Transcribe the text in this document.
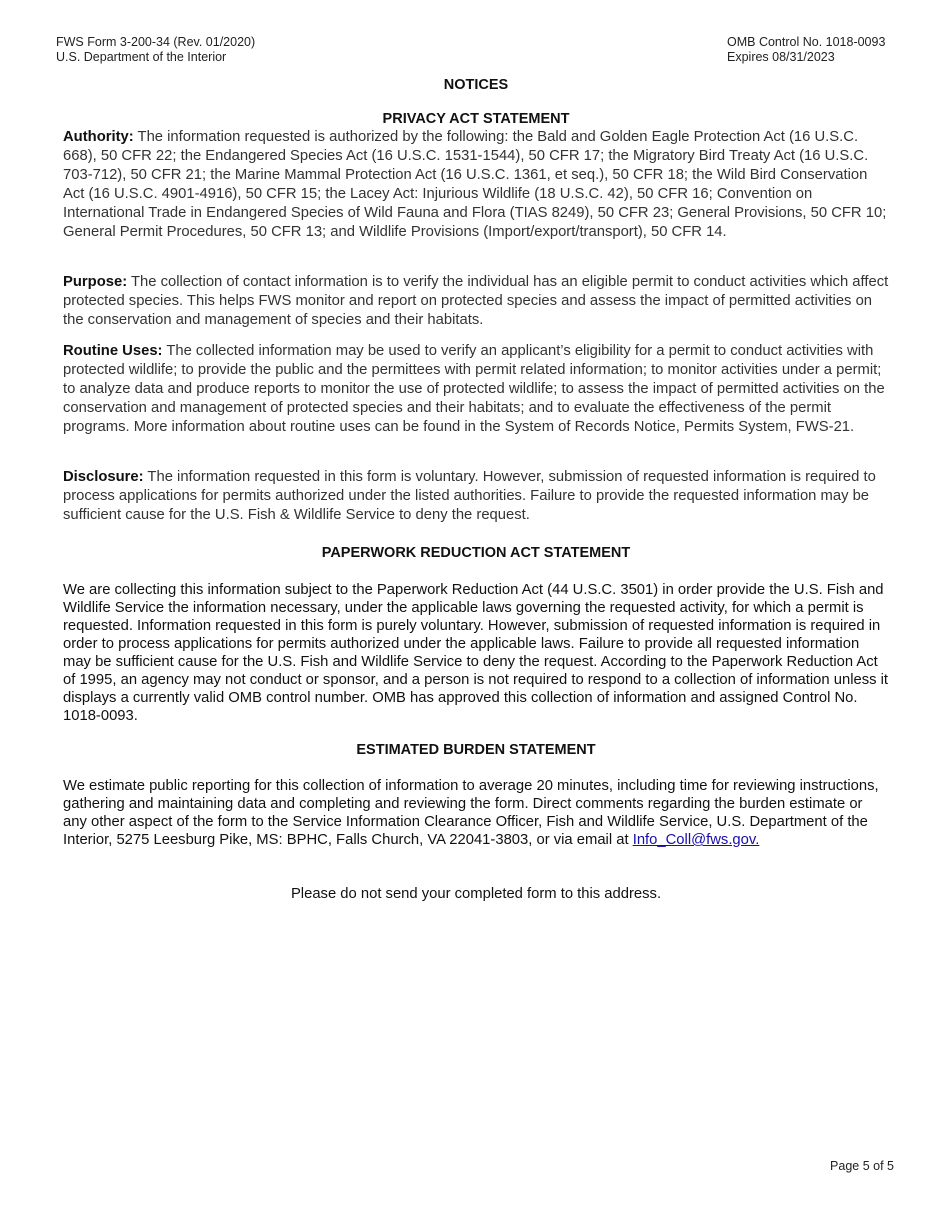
FWS Form 3-200-34 (Rev. 01/2020)
U.S. Department of the Interior
OMB Control No. 1018-0093
Expires 08/31/2023
NOTICES
PRIVACY ACT STATEMENT
Authority: The information requested is authorized by the following: the Bald and Golden Eagle Protection Act (16 U.S.C. 668), 50 CFR 22; the Endangered Species Act (16 U.S.C. 1531-1544), 50 CFR 17; the Migratory Bird Treaty Act (16 U.S.C. 703-712), 50 CFR 21; the Marine Mammal Protection Act (16 U.S.C. 1361, et seq.), 50 CFR 18; the Wild Bird Conservation Act (16 U.S.C. 4901-4916), 50 CFR 15; the Lacey Act: Injurious Wildlife (18 U.S.C. 42), 50 CFR 16; Convention on International Trade in Endangered Species of Wild Fauna and Flora (TIAS 8249), 50 CFR 23; General Provisions, 50 CFR 10; General Permit Procedures, 50 CFR 13; and Wildlife Provisions (Import/export/transport), 50 CFR 14.
Purpose: The collection of contact information is to verify the individual has an eligible permit to conduct activities which affect protected species. This helps FWS monitor and report on protected species and assess the impact of permitted activities on the conservation and management of species and their habitats.
Routine Uses: The collected information may be used to verify an applicant’s eligibility for a permit to conduct activities with protected wildlife; to provide the public and the permittees with permit related information; to monitor activities under a permit; to analyze data and produce reports to monitor the use of protected wildlife; to assess the impact of permitted activities on the conservation and management of protected species and their habitats; and to evaluate the effectiveness of the permit programs. More information about routine uses can be found in the System of Records Notice, Permits System, FWS-21.
Disclosure: The information requested in this form is voluntary. However, submission of requested information is required to process applications for permits authorized under the listed authorities. Failure to provide the requested information may be sufficient cause for the U.S. Fish & Wildlife Service to deny the request.
PAPERWORK REDUCTION ACT STATEMENT
We are collecting this information subject to the Paperwork Reduction Act (44 U.S.C. 3501) in order provide the U.S. Fish and Wildlife Service the information necessary, under the applicable laws governing the requested activity, for which a permit is requested. Information requested in this form is purely voluntary. However, submission of requested information is required in order to process applications for permits authorized under the applicable laws. Failure to provide all requested information may be sufficient cause for the U.S. Fish and Wildlife Service to deny the request. According to the Paperwork Reduction Act of 1995, an agency may not conduct or sponsor, and a person is not required to respond to a collection of information unless it displays a currently valid OMB control number. OMB has approved this collection of information and assigned Control No. 1018-0093.
ESTIMATED BURDEN STATEMENT
We estimate public reporting for this collection of information to average 20 minutes, including time for reviewing instructions, gathering and maintaining data and completing and reviewing the form. Direct comments regarding the burden estimate or any other aspect of the form to the Service Information Clearance Officer, Fish and Wildlife Service, U.S. Department of the Interior, 5275 Leesburg Pike, MS: BPHC, Falls Church, VA 22041-3803, or via email at Info_Coll@fws.gov.
Please do not send your completed form to this address.
Page 5 of 5
